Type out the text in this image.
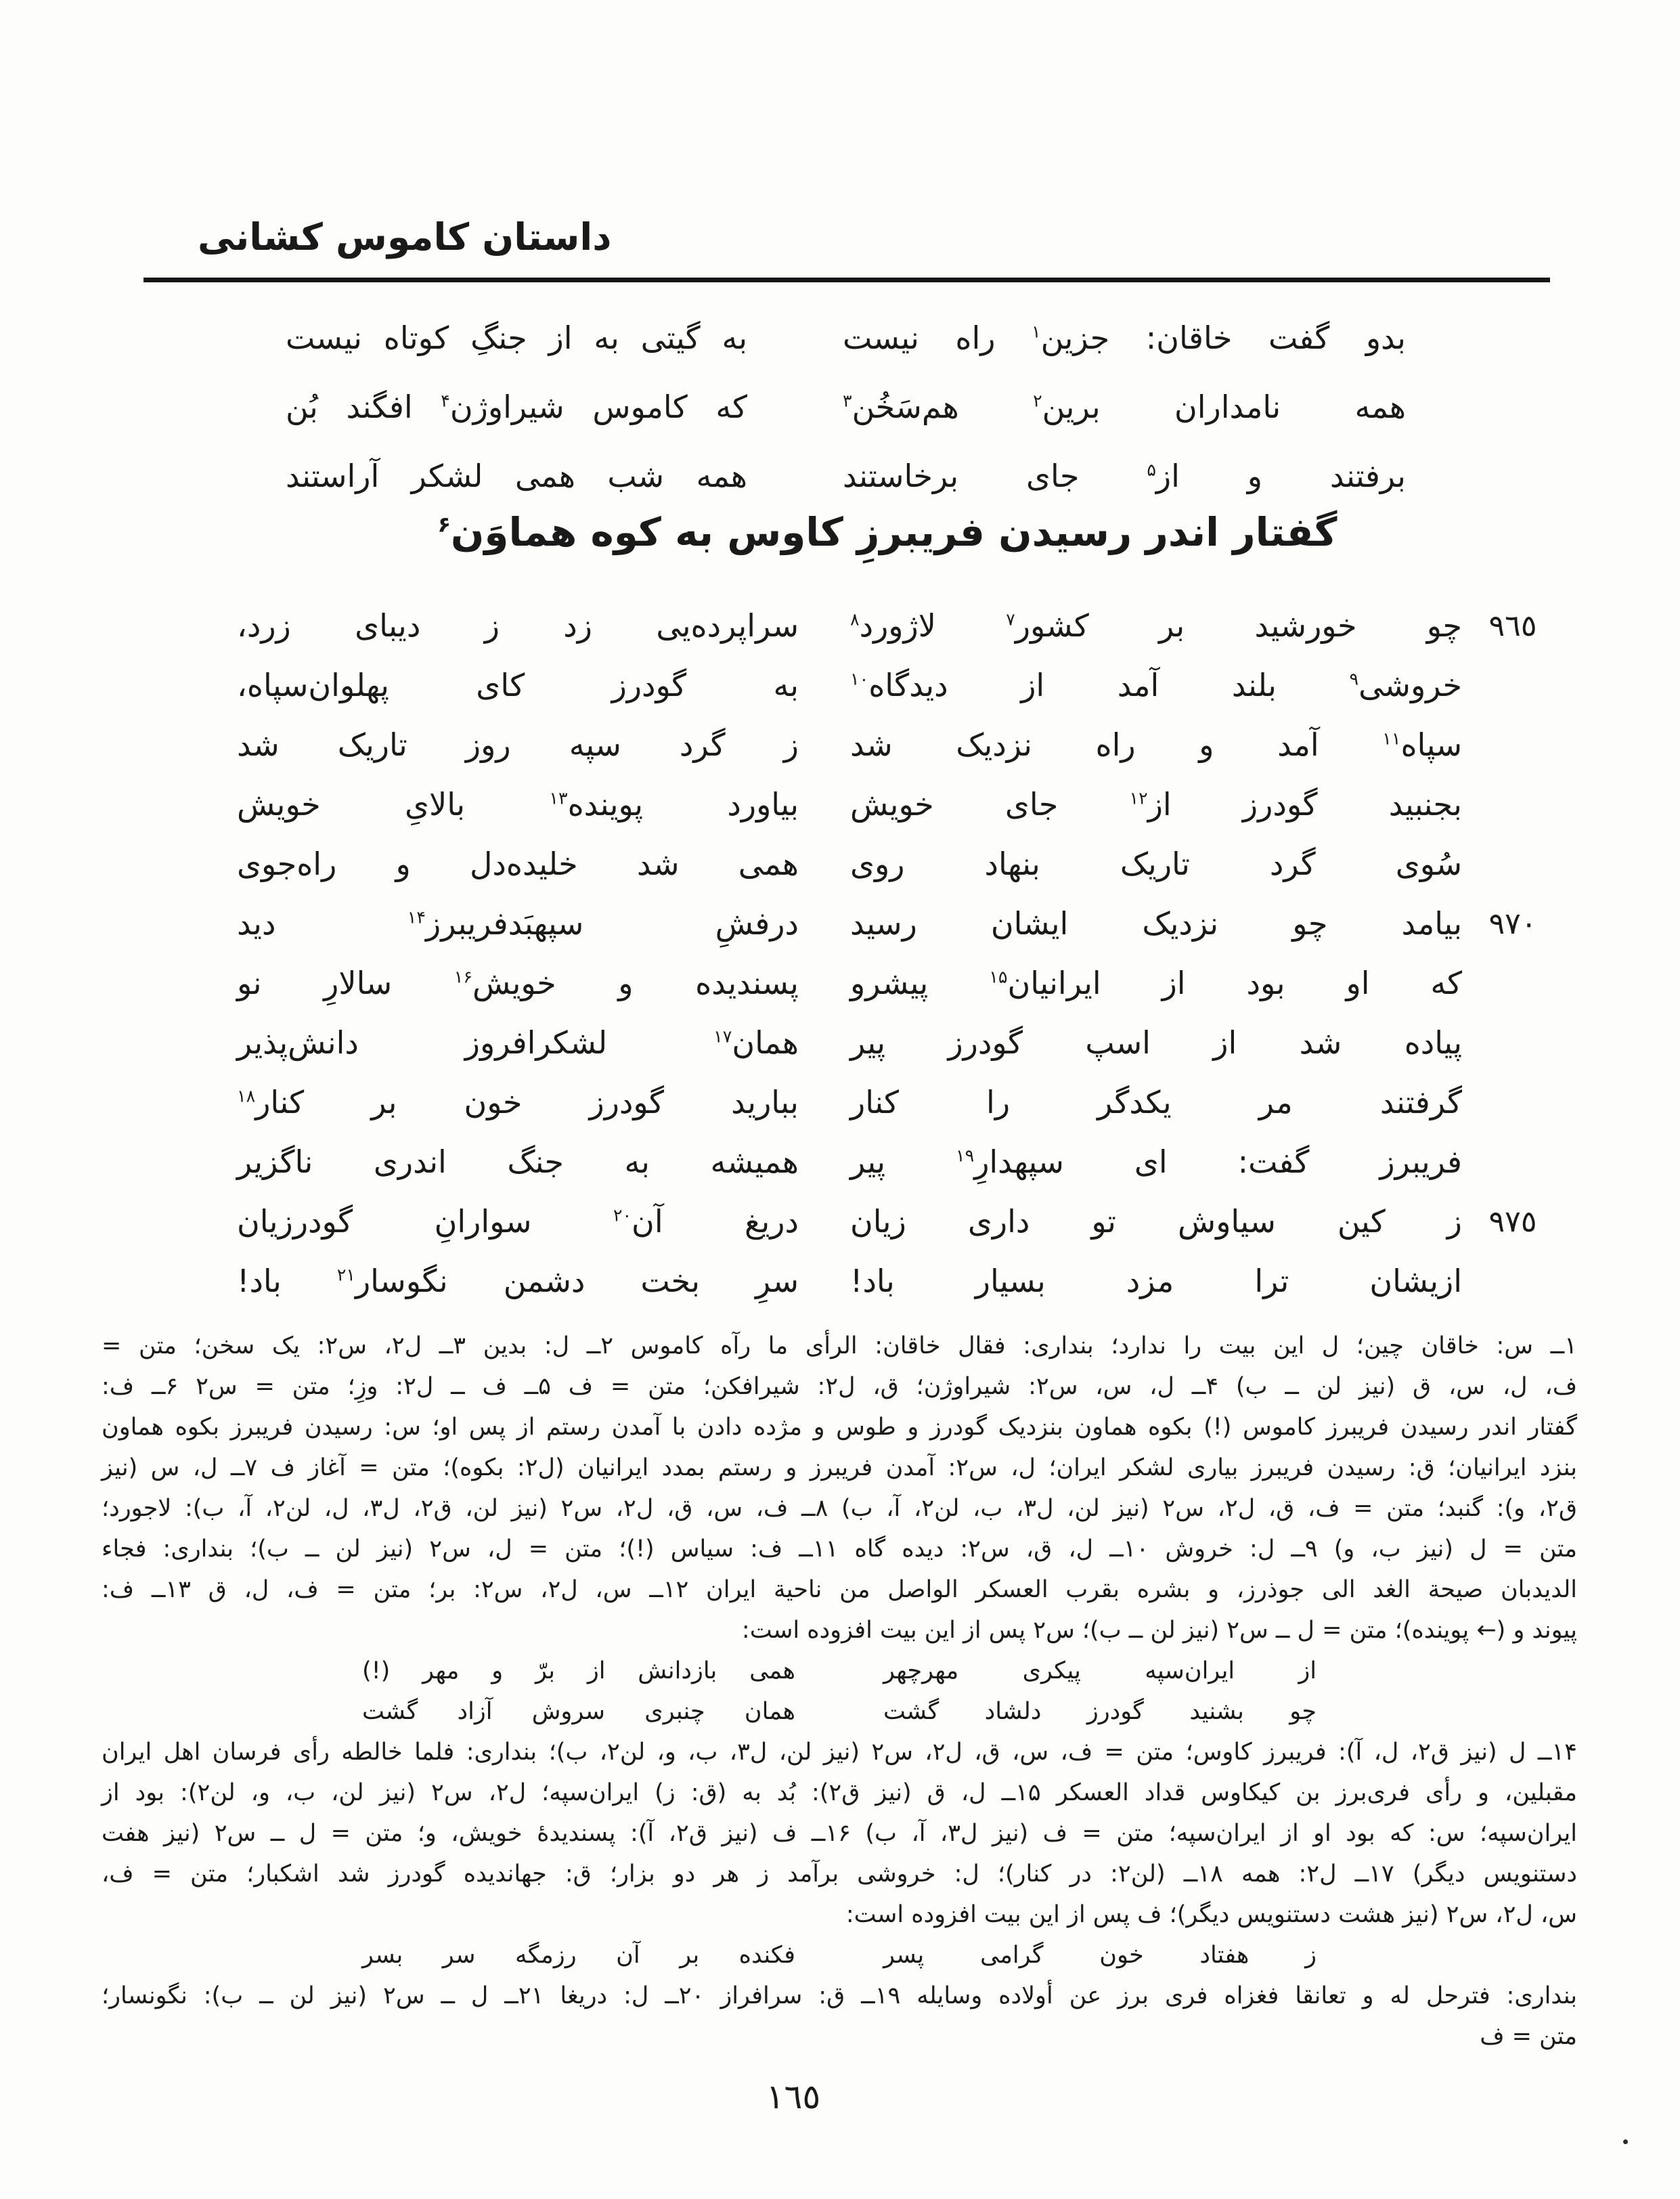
داستان کاموس کشانی
بدو گفت خاقان: جزین$^۱$ راه نیست
به گیتی به از جنگِ کوتاه نیست
همه نامداران برین$^۲$ هم‌سَخُن$^۳$
که کاموس شیراوژن$^۴$ افگند بُن
برفتند و از$^۵$ جای برخاستند
همه شب همی لشکر آراستند
گفتار اندر رسیدن فریبرزِ کاوس به کوه هماوَن$^۶$
٩٦٥
چو خورشید بر کشور$^۷$ لاژورد$^۸$
سراپرده‌یی زد ز دیبای زرد،
خروشی$^۹$ بلند آمد از دیدگاه$^{۱۰}$
به گودرز کای پهلوان‌سپاه،
سپاه$^{۱۱}$ آمد و راه نزدیک شد
ز گرد سپه روز تاریک شد
بجنبید گودرز از$^{۱۲}$ جای خویش
بیاورد پوینده$^{۱۳}$ بالایِ خویش
سُوی گرد تاریک بنهاد روی
همی شد خلیده‌دل و راه‌جوی
٩٧٠
بیامد چو نزدیک ایشان رسید
درفشِ سپهبَدفریبرز$^{۱۴}$ دید
که او بود از ایرانیان$^{۱۵}$ پیشرو
پسندیده و خویش$^{۱۶}$ سالارِ نو
پیاده شد از اسپ گودرز پیر
همان$^{۱۷}$ لشکرافروز دانش‌پذیر
گرفتند مر یکدگر را کنار
ببارید گودرز خون بر کنار$^{۱۸}$
فریبرز گفت: ای سپهدارِ$^{۱۹}$ پیر
همیشه به جنگ اندری ناگزیر
٩٧٥
ز کین سیاوش تو داری زیان
دریغ آن$^{۲۰}$ سوارانِ گودرزیان
ازیشان ترا مزد بسیار باد!
سرِ بخت دشمن نگوسار$^{۲۱}$ باد!
۱ــ س: خاقان چین؛ ل این بیت را ندارد؛ بنداری: فقال خاقان: الرأی ما رآه کاموس ۲ــ ل: بدین ۳ــ ل۲، س۲: یک سخن؛ متن =
ف، ل، س، ق (نیز لن ــ ب) ۴ــ ل، س، س۲: شیراوژن؛ ق، ل۲: شیرافکن؛ متن = ف ۵ــ ف ــ ل۲: وزِ؛ متن = س۲ ۶ــ ف:
گفتار اندر رسیدن فریبرز کاموس (!) بکوه هماون بنزدیک گودرز و طوس و مژده دادن با آمدن رستم از پس او؛ س: رسیدن فریبرز بکوه هماون
بنزد ایرانیان؛ ق: رسیدن فریبرز بیاری لشکر ایران؛ ل، س۲: آمدن فریبرز و رستم بمدد ایرانیان (ل۲: بکوه)؛ متن = آغاز ف ۷ــ ل، س (نیز
ق۲، و): گنبد؛ متن = ف، ق، ل۲، س۲ (نیز لن، ل۳، ب، لن۲، آ، ب) ۸ــ ف، س، ق، ل۲، س۲ (نیز لن، ق۲، ل۳، ل، لن۲، آ، ب): لاجورد؛
متن = ل (نیز ب، و) ۹ــ ل: خروش ۱۰ــ ل، ق، س۲: دیده گاه ۱۱ــ ف: سیاس (!)؛ متن = ل، س۲ (نیز لن ــ ب)؛ بنداری: فجاء
الدیدبان صیحة الغد الی جوذرز، و بشره بقرب العسکر الواصل من ناحیة ایران ۱۲ــ س، ل۲، س۲: بر؛ متن = ف، ل، ق ۱۳ــ ف:
پیوند و (← پوینده)؛ متن = ل ــ س۲ (نیز لن ــ ب)؛ س۲ پس از این بیت افزوده است:
از ایران‌سپه پیکری مهرچهر
همی بازدانش از برّ و مهر (!)
چو بشنید گودرز دلشاد گشت
همان چنبری سروش آزاد گشت
۱۴ــ ل (نیز ق۲، ل، آ): فریبرز کاوس؛ متن = ف، س، ق، ل۲، س۲ (نیز لن، ل۳، ب، و، لن۲، ب)؛ بنداری: فلما خالطه رأی فرسان اهل ایران
مقبلین، و رأی فری‌برز بن کیکاوس قداد العسکر ۱۵ــ ل، ق (نیز ق۲): بُد به (ق: ز) ایران‌سپه؛ ل۲، س۲ (نیز لن، ب، و، لن۲): بود از
ایران‌سپه؛ س: که بود او از ایران‌سپه؛ متن = ف (نیز ل۳، آ، ب) ۱۶ــ ف (نیز ق۲، آ): پسندیدهٔ خویش، و؛ متن = ل ــ س۲ (نیز هفت
دستنویس دیگر) ۱۷ــ ل۲: همه ۱۸ــ (لن۲: در کنار)؛ ل: خروشی برآمد ز هر دو بزار؛ ق: جهاندیده گودرز شد اشکبار؛ متن = ف،
س، ل۲، س۲ (نیز هشت دستنویس دیگر)؛ ف پس از این بیت افزوده است:
ز هفتاد خون گرامی پسر
فکنده بر آن رزمگه سر بسر
بنداری: فترحل له و تعانقا فغزاه فری برز عن أولاده وسایله ۱۹ــ ق: سرافراز ۲۰ــ ل: دریغا ۲۱ــ ل ــ س۲ (نیز لن ــ ب): نگونسار؛
متن = ف
١٦٥
